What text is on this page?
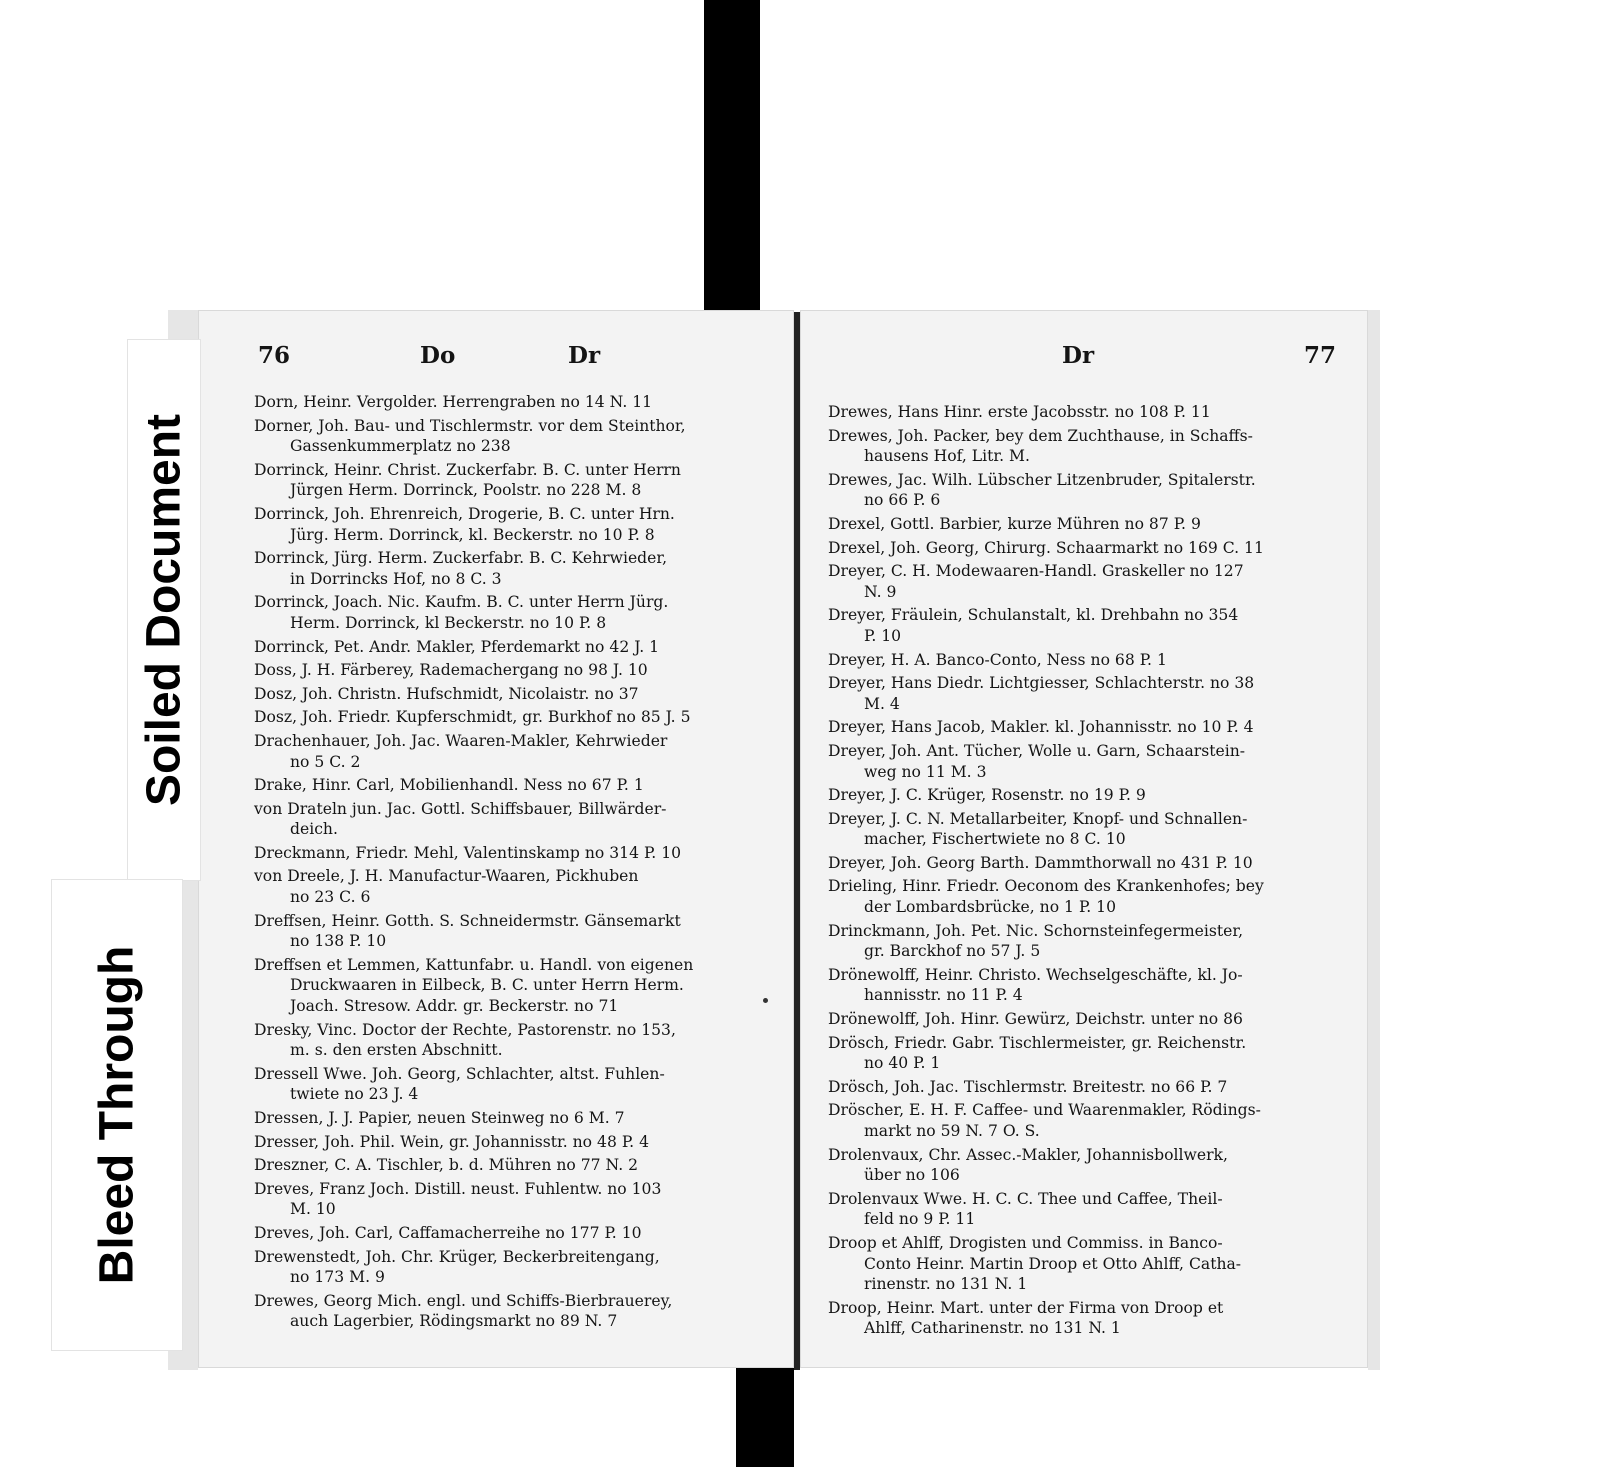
76	Do	Dr
Dorn, Heinr. Vergolder. Herrengraben no 14 N. 11
Dorner, Joh. Bau- und Tischlermstr. vor dem Steinthor,
Gassenkummerplatz no 238
Dorrinck, Heinr. Christ. Zuckerfabr. B. C. unter Herrn
Jürgen Herm. Dorrinck, Poolstr. no 228 M. 8
Dorrinck, Joh. Ehrenreich, Drogerie, B. C. unter Hrn.
Jürg. Herm. Dorrinck, kl. Beckerstr. no 10 P. 8
Dorrinck, Jürg. Herm. Zuckerfabr. B. C. Kehrwieder,
in Dorrincks Hof, no 8 C. 3
Dorrinck, Joach. Nic. Kaufm. B. C. unter Herrn Jürg.
Herm. Dorrinck, kl Beckerstr. no 10 P. 8
Dorrinck, Pet. Andr. Makler, Pferdemarkt no 42 J. 1
Doss, J. H. Färberey, Rademachergang no 98 J. 10
Dosz, Joh. Christn. Hufschmidt, Nicolaistr. no 37
Dosz, Joh. Friedr. Kupferschmidt, gr. Burkhof no 85 J. 5
Drachenhauer, Joh. Jac. Waaren-Makler, Kehrwieder
no 5 C. 2
Drake, Hinr. Carl, Mobilienhandl. Ness no 67 P. 1
von Drateln jun. Jac. Gottl. Schiffsbauer, Billwärder-
deich.
Dreckmann, Friedr. Mehl, Valentinskamp no 314 P. 10
von Dreele, J. H. Manufactur-Waaren, Pickhuben
no 23 C. 6
Dreffsen, Heinr. Gotth. S. Schneidermstr. Gänsemarkt
no 138 P. 10
Dreffsen et Lemmen, Kattunfabr. u. Handl. von eigenen
Druckwaaren in Eilbeck, B. C. unter Herrn Herm.
Joach. Stresow. Addr. gr. Beckerstr. no 71
Dresky, Vinc. Doctor der Rechte, Pastorenstr. no 153,
m. s. den ersten Abschnitt.
Dressell Wwe. Joh. Georg, Schlachter, altst. Fuhlen-
twiete no 23 J. 4
Dressen, J. J. Papier, neuen Steinweg no 6 M. 7
Dresser, Joh. Phil. Wein, gr. Johannisstr. no 48 P. 4
Dreszner, C. A. Tischler, b. d. Mühren no 77 N. 2
Dreves, Franz Joch. Distill. neust. Fuhlentw. no 103
M. 10
Dreves, Joh. Carl, Caffamacherreihe no 177 P. 10
Drewenstedt, Joh. Chr. Krüger, Beckerbreitengang,
no 173 M. 9
Drewes, Georg Mich. engl. und Schiffs-Bierbrauerey,
auch Lagerbier, Rödingsmarkt no 89 N. 7
Dr	77
Drewes, Hans Hinr. erste Jacobsstr. no 108 P. 11
Drewes, Joh. Packer, bey dem Zuchthause, in Schaffs-
hausens Hof, Litr. M.
Drewes, Jac. Wilh. Lübscher Litzenbruder, Spitalerstr.
no 66 P. 6
Drexel, Gottl. Barbier, kurze Mühren no 87 P. 9
Drexel, Joh. Georg, Chirurg. Schaarmarkt no 169 C. 11
Dreyer, C. H. Modewaaren-Handl. Graskeller no 127
N. 9
Dreyer, Fräulein, Schulanstalt, kl. Drehbahn no 354
P. 10
Dreyer, H. A. Banco-Conto, Ness no 68 P. 1
Dreyer, Hans Diedr. Lichtgiesser, Schlachterstr. no 38
M. 4
Dreyer, Hans Jacob, Makler. kl. Johannisstr. no 10 P. 4
Dreyer, Joh. Ant. Tücher, Wolle u. Garn, Schaarstein-
weg no 11 M. 3
Dreyer, J. C. Krüger, Rosenstr. no 19 P. 9
Dreyer, J. C. N. Metallarbeiter, Knopf- und Schnallen-
macher, Fischertwiete no 8 C. 10
Dreyer, Joh. Georg Barth. Dammthorwall no 431 P. 10
Drieling, Hinr. Friedr. Oeconom des Krankenhofes; bey
der Lombardsbrücke, no 1 P. 10
Drinckmann, Joh. Pet. Nic. Schornsteinfegermeister,
gr. Barckhof no 57 J. 5
Drönewolff, Heinr. Christo. Wechselgeschäfte, kl. Jo-
hannisstr. no 11 P. 4
Drönewolff, Joh. Hinr. Gewürz, Deichstr. unter no 86
Drösch, Friedr. Gabr. Tischlermeister, gr. Reichenstr.
no 40 P. 1
Drösch, Joh. Jac. Tischlermstr. Breitestr. no 66 P. 7
Dröscher, E. H. F. Caffee- und Waarenmakler, Rödings-
markt no 59 N. 7 O. S.
Drolenvaux, Chr. Assec.-Makler, Johannisbollwerk,
über no 106
Drolenvaux Wwe. H. C. C. Thee und Caffee, Theil-
feld no 9 P. 11
Droop et Ahlff, Drogisten und Commiss. in Banco-
Conto Heinr. Martin Droop et Otto Ahlff, Catha-
rinenstr. no 131 N. 1
Droop, Heinr. Mart. unter der Firma von Droop et
Ahlff, Catharinenstr. no 131 N. 1
Soiled Document
Bleed Through
